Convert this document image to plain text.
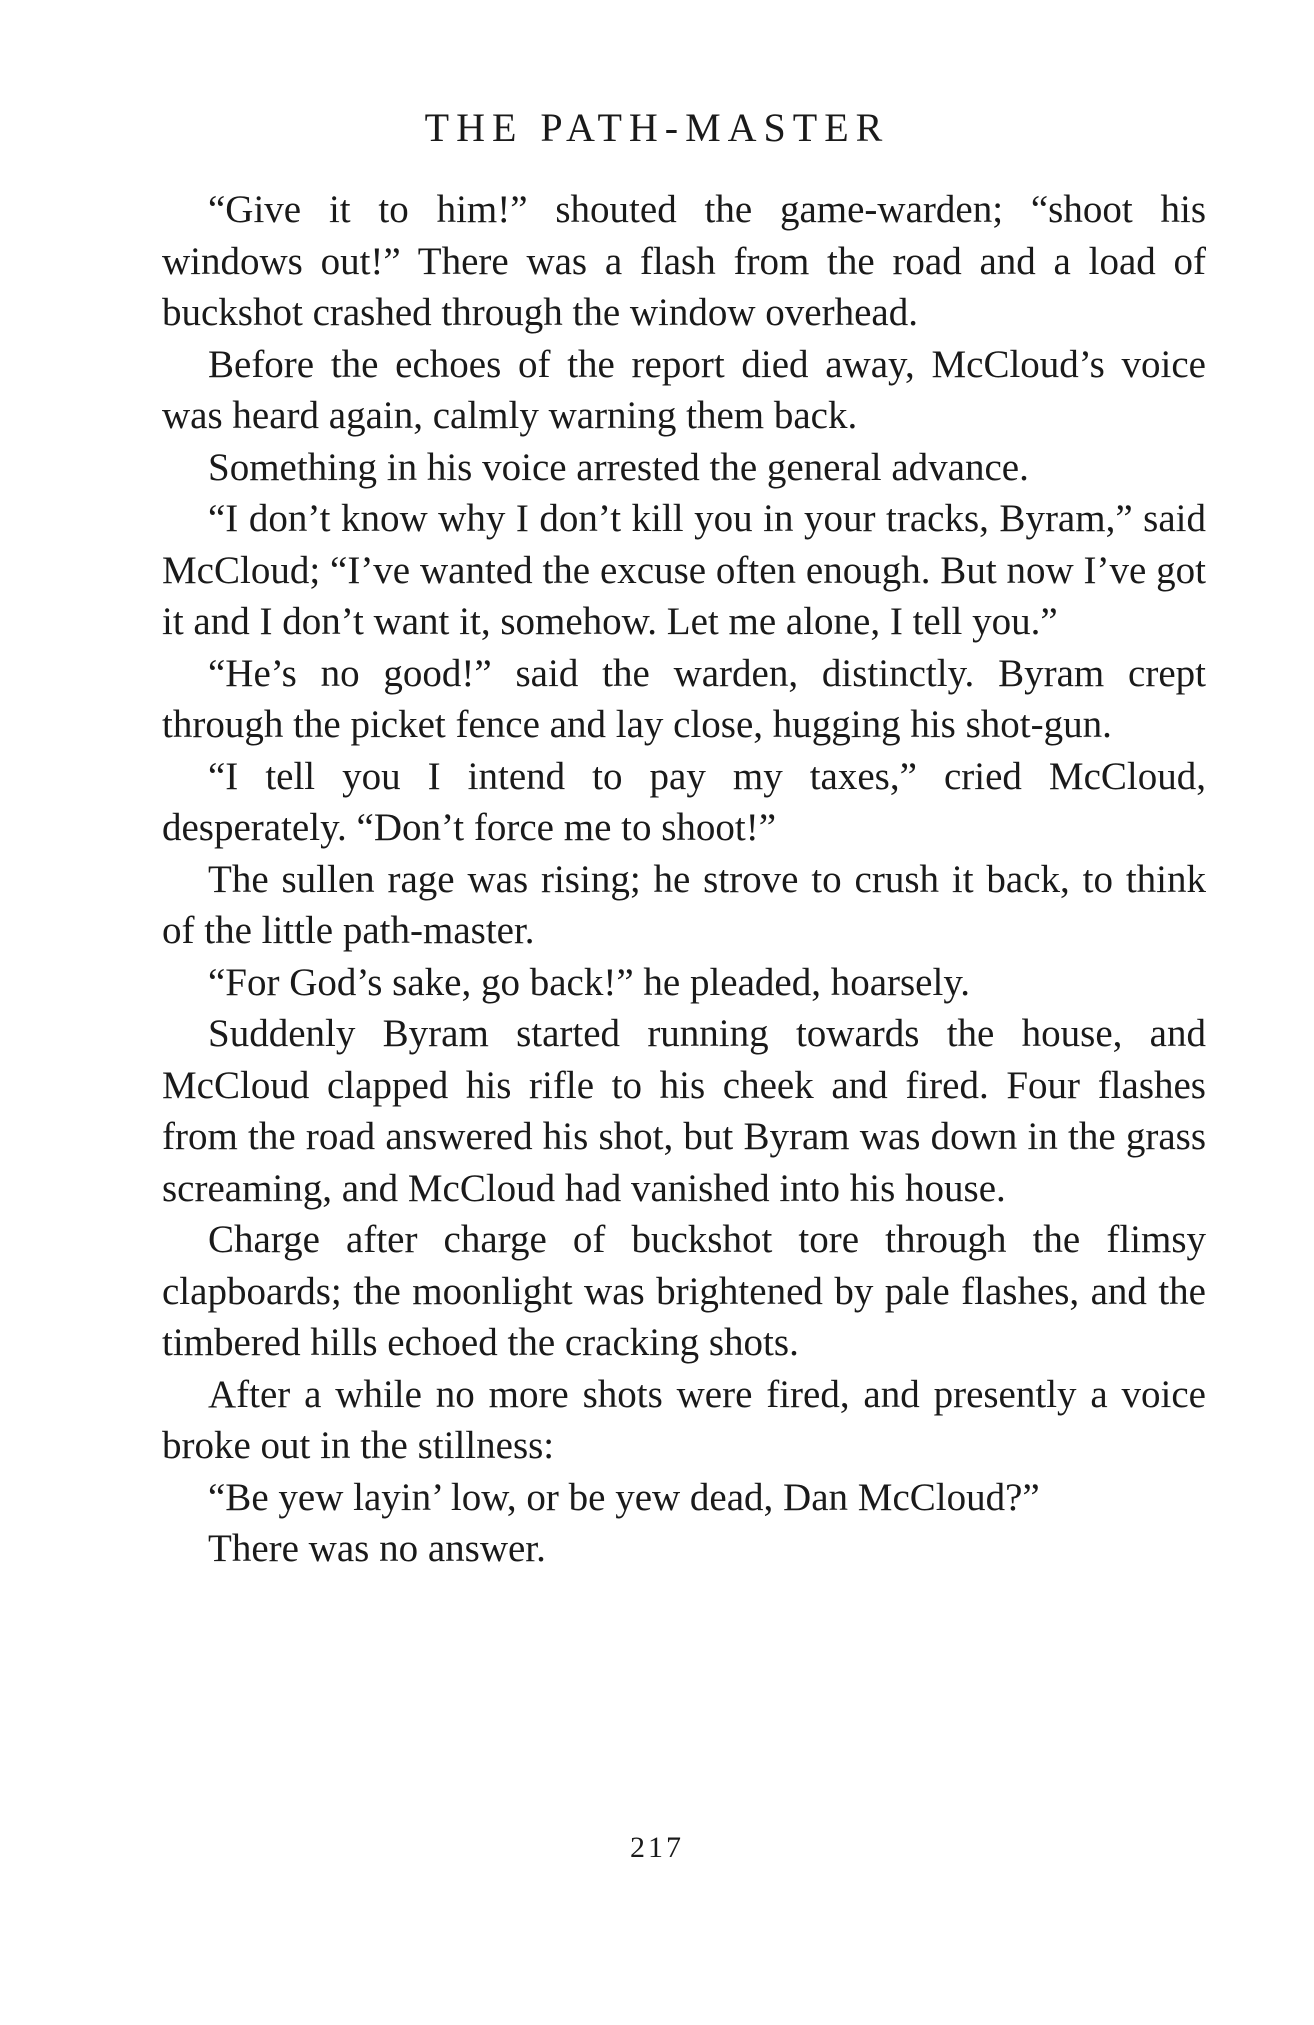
THE PATH-MASTER

“Give it to him!” shouted the game-warden; “shoot his windows out!” There was a flash from the road and a load of buckshot crashed through the window overhead.

Before the echoes of the report died away, McCloud’s voice was heard again, calmly warning them back.

Something in his voice arrested the general advance.

“I don’t know why I don’t kill you in your tracks, Byram,” said McCloud; “I’ve wanted the excuse often enough. But now I’ve got it and I don’t want it, somehow. Let me alone, I tell you.”

“He’s no good!” said the warden, distinctly. Byram crept through the picket fence and lay close, hugging his shot-gun.

“I tell you I intend to pay my taxes,” cried McCloud, desperately. “Don’t force me to shoot!”

The sullen rage was rising; he strove to crush it back, to think of the little path-master.

“For God’s sake, go back!” he pleaded, hoarsely.

Suddenly Byram started running towards the house, and McCloud clapped his rifle to his cheek and fired. Four flashes from the road answered his shot, but Byram was down in the grass screaming, and McCloud had vanished into his house.

Charge after charge of buckshot tore through the flimsy clapboards; the moonlight was brightened by pale flashes, and the timbered hills echoed the cracking shots.

After a while no more shots were fired, and presently a voice broke out in the stillness:

“Be yew layin’ low, or be yew dead, Dan McCloud?”

There was no answer.

217
